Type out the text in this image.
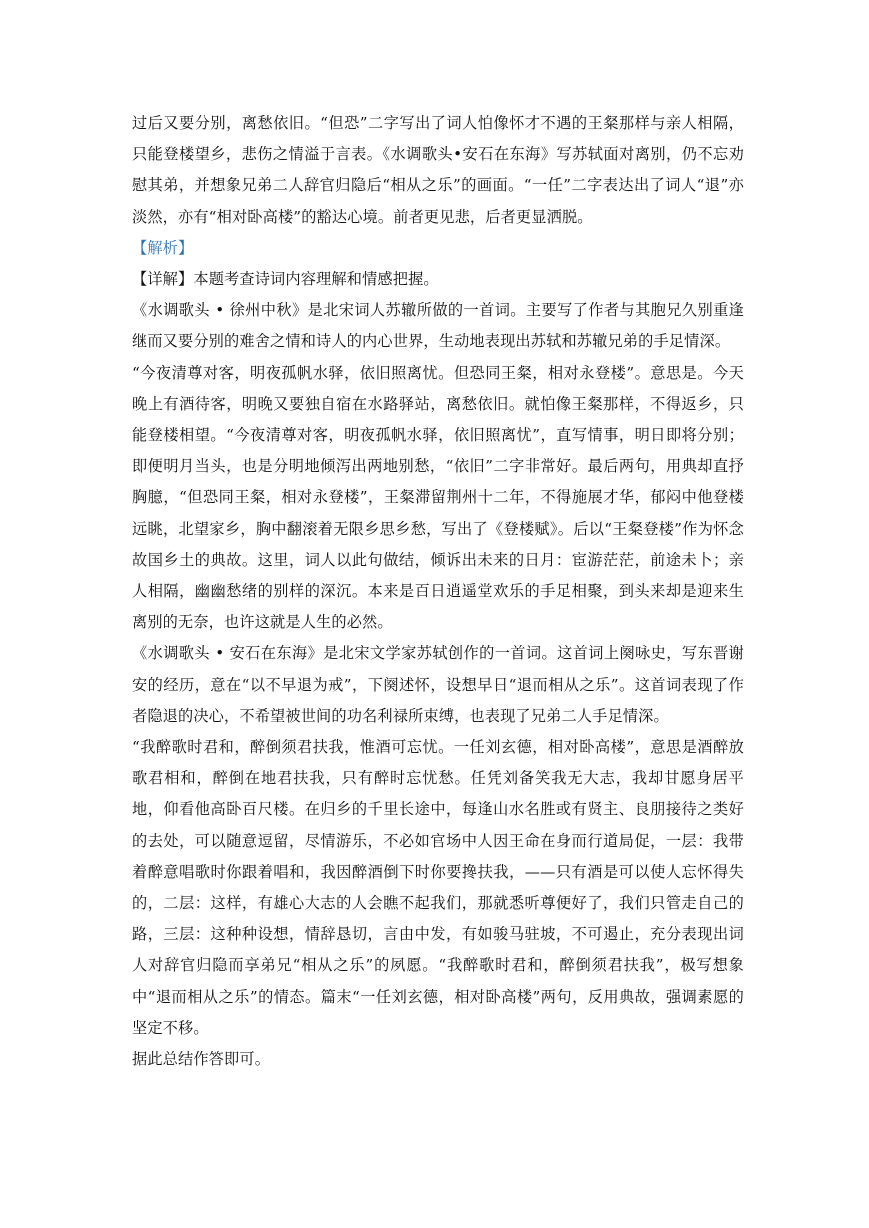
过后又要分别，离愁依旧。“但恐”二字写出了词人怕像怀才不遇的王粲那样与亲人相隔，只能登楼望乡，悲伤之情溢于言表。《水调歌头•安石在东海》写苏轼面对离别，仍不忘劝慰其弟，并想象兄弟二人辞官归隐后“相从之乐”的画面。“一任”二字表达出了词人“退”亦淡然，亦有“相对卧高楼”的豁达心境。前者更见悲，后者更显洒脱。

【解析】

【详解】本题考查诗词内容理解和情感把握。

《水调歌头 • 徐州中秋》是北宋词人苏辙所做的一首词。主要写了作者与其胞兄久别重逢继而又要分别的难舍之情和诗人的内心世界，生动地表现出苏轼和苏辙兄弟的手足情深。

“今夜清尊对客，明夜孤帆水驿，依旧照离忧。但恐同王粲，相对永登楼”。意思是。今天晚上有酒待客，明晚又要独自宿在水路驿站，离愁依旧。就怕像王粲那样，不得返乡，只能登楼相望。“今夜清尊对客，明夜孤帆水驿，依旧照离忧”，直写情事，明日即将分别；即便明月当头，也是分明地倾泻出两地别愁，“依旧”二字非常好。最后两句，用典却直抒胸臆，“但恐同王粲，相对永登楼”，王粲滞留荆州十二年，不得施展才华，郁闷中他登楼远眺，北望家乡，胸中翻滚着无限乡思乡愁，写出了《登楼赋》。后以“王粲登楼”作为怀念故国乡土的典故。这里，词人以此句做结，倾诉出未来的日月：宦游茫茫，前途未卜；亲人相隔，幽幽愁绪的别样的深沉。本来是百日逍遥堂欢乐的手足相聚，到头来却是迎来生离别的无奈，也许这就是人生的必然。

《水调歌头 • 安石在东海》是北宋文学家苏轼创作的一首词。这首词上阕咏史，写东晋谢安的经历，意在“以不早退为戒”，下阕述怀，设想早日“退而相从之乐”。这首词表现了作者隐退的决心，不希望被世间的功名利禄所束缚，也表现了兄弟二人手足情深。

“我醉歌时君和，醉倒须君扶我，惟酒可忘忧。一任刘玄德，相对卧高楼”，意思是酒醉放歌君相和，醉倒在地君扶我，只有醉时忘忧愁。任凭刘备笑我无大志，我却甘愿身居平地，仰看他高卧百尺楼。在归乡的千里长途中，每逢山水名胜或有贤主、良朋接待之类好的去处，可以随意逗留，尽情游乐，不必如官场中人因王命在身而行道局促，一层：我带着醉意唱歌时你跟着唱和，我因醉酒倒下时你要搀扶我，——只有酒是可以使人忘怀得失的，二层：这样，有雄心大志的人会瞧不起我们，那就悉听尊便好了，我们只管走自己的路，三层：这种种设想，情辞恳切，言由中发，有如骏马驻坡，不可遏止，充分表现出词人对辞官归隐而享弟兄“相从之乐”的夙愿。“我醉歌时君和，醉倒须君扶我”，极写想象中“退而相从之乐”的情态。篇末“一任刘玄德，相对卧高楼”两句，反用典故，强调素愿的坚定不移。

据此总结作答即可。
